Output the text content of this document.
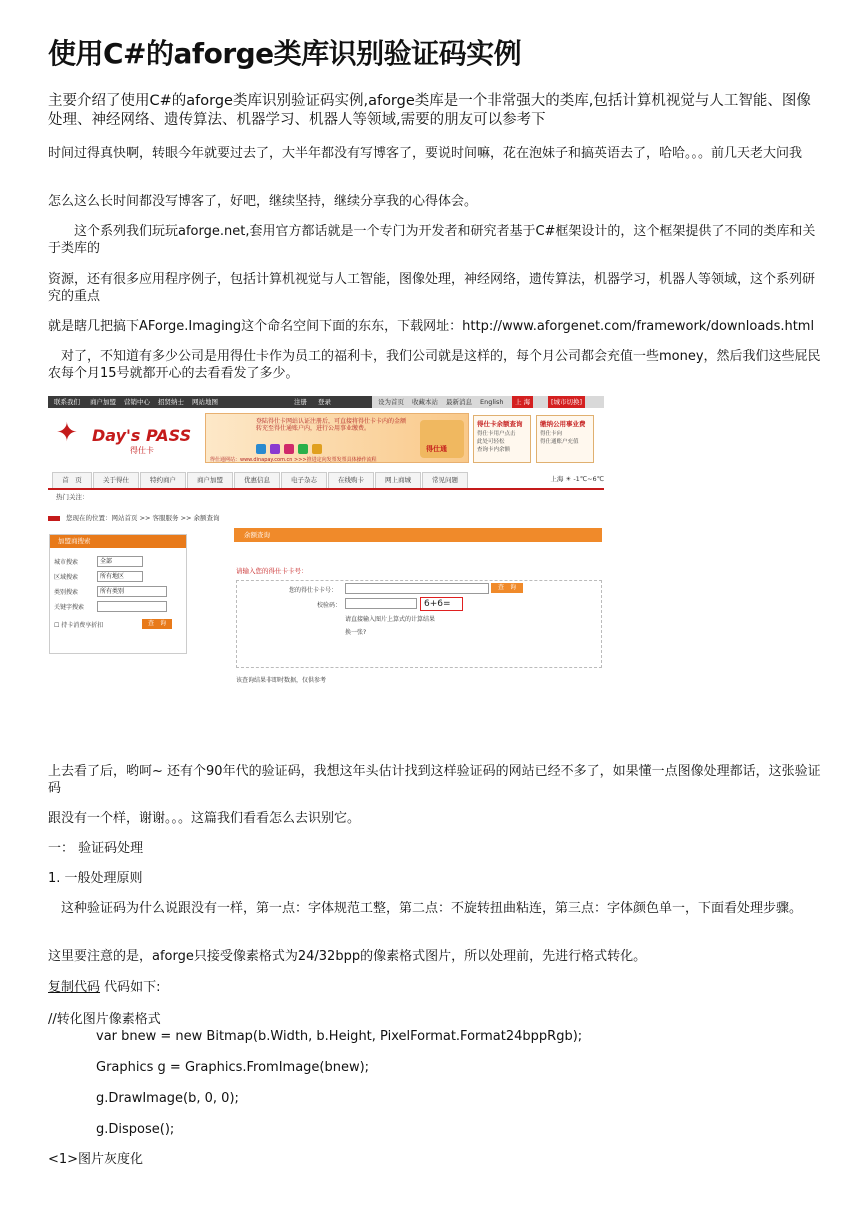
使用C#的aforge类库识别验证码实例

主要介绍了使用C#的aforge类库识别验证码实例,aforge类库是一个非常强大的类库,包括计算机视觉与人工智能、图像处理、神经网络、遗传算法、机器学习、机器人等领域,需要的朋友可以参考下

时间过得真快啊，转眼今年就要过去了，大半年都没有写博客了，要说时间嘛，花在泡妹子和搞英语去了，哈哈。。。前几天老大问我

怎么这么长时间都没写博客了，好吧，继续坚持，继续分享我的心得体会。

　　这个系列我们玩玩aforge.net,套用官方都话就是一个专门为开发者和研究者基于C#框架设计的，这个框架提供了不同的类库和关于类库的

资源，还有很多应用程序例子，包括计算机视觉与人工智能，图像处理，神经网络，遗传算法，机器学习，机器人等领域，这个系列研究的重点

就是瞎几把搞下AForge.Imaging这个命名空间下面的东东，下载网址：http://www.aforgenet.com/framework/downloads.html

　对了，不知道有多少公司是用得仕卡作为员工的福利卡，我们公司就是这样的，每个月公司都会充值一些money，然后我们这些屁民农每个月15号就都开心的去看看发了多少。

联系我们 商户加盟 营销中心 招贤纳士 网站地图	注册 登录	设为首页 收藏本站 最新消息 English	上 海	[城市切换]
✦ Day's PASS
得仕卡
登陆得仕卡网站认证注册后，可直接将得仕卡卡内的金额转充至得仕通账户内，进行公用事业缴费。
得仕通网站：www.dinapay.com.cn >>>推进定向发票发票具体操作流程
得仕通
得仕卡余额查询
得仕卡用户点击
此处可轻松
查询卡内余额
缴纳公用事业费
得仕卡向
得仕通账户充值
首　页	关于得仕	特约商户	商户加盟	优惠信息	电子杂志	在线购卡	网上商城	常见问题	上海 ☀ -1℃~6℃
热门关注：
您现在的位置：网站首页 >> 客服服务 >> 余额查询
加盟商搜索
城市搜索	全部
区域搜索	所有地区
类别搜索	所有类别
关键字搜索
☐ 持卡消费享折扣	查　询
余额查询
请输入您的得仕卡卡号：
您的得仕卡卡号：	查　询
校验码：	6+6=
请直接输入图片上算式的计算结果
换一张?
该查询结果非即时数据，仅供参考

上去看了后，哟呵~ 还有个90年代的验证码，我想这年头估计找到这样验证码的网站已经不多了，如果懂一点图像处理都话，这张验证码

跟没有一个样，谢谢。。。这篇我们看看怎么去识别它。

一： 验证码处理

1. 一般处理原则

　这种验证码为什么说跟没有一样，第一点：字体规范工整，第二点：不旋转扭曲粘连，第三点：字体颜色单一，下面看处理步骤。

这里要注意的是，aforge只接受像素格式为24/32bpp的像素格式图片，所以处理前，先进行格式转化。

复制代码 代码如下:

//转化图片像素格式

var bnew = new Bitmap(b.Width, b.Height, PixelFormat.Format24bppRgb);

Graphics g = Graphics.FromImage(bnew);

g.DrawImage(b, 0, 0);

g.Dispose();

<1>图片灰度化
